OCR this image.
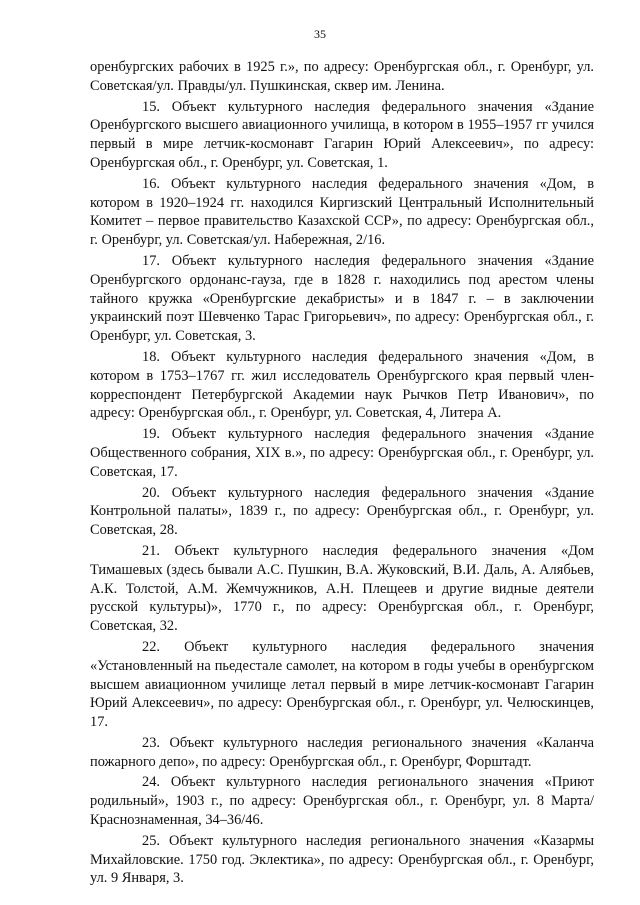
35

оренбургских рабочих в 1925 г.», по адресу: Оренбургская обл., г. Оренбург, ул. Советская/ул. Правды/ул. Пушкинская, сквер им. Ленина.

15. Объект культурного наследия федерального значения «Здание Оренбургского высшего авиационного училища, в котором в 1955–1957 гг учился первый в мире летчик-космонавт Гагарин Юрий Алексеевич», по адресу: Оренбургская обл., г. Оренбург, ул. Советская, 1.

16. Объект культурного наследия федерального значения «Дом, в котором в 1920–1924 гг. находился Киргизский Центральный Исполнительный Комитет – первое правительство Казахской ССР», по адресу: Оренбургская обл., г. Оренбург, ул. Советская/ул. Набережная, 2/16.

17. Объект культурного наследия федерального значения «Здание Оренбургского ордонанс-гауза, где в 1828 г. находились под арестом члены тайного кружка «Оренбургские декабристы» и в 1847 г. – в заключении украинский поэт Шевченко Тарас Григорьевич», по адресу: Оренбургская обл., г. Оренбург, ул. Советская, 3.

18. Объект культурного наследия федерального значения «Дом, в котором в 1753–1767 гг. жил исследователь Оренбургского края первый член-корреспондент Петербургской Академии наук Рычков Петр Иванович», по адресу: Оренбургская обл., г. Оренбург, ул. Советская, 4, Литера А.

19. Объект культурного наследия федерального значения «Здание Общественного собрания, XIX в.», по адресу: Оренбургская обл., г. Оренбург, ул. Советская, 17.

20. Объект культурного наследия федерального значения «Здание Контрольной палаты», 1839 г., по адресу: Оренбургская обл., г. Оренбург, ул. Советская, 28.

21. Объект культурного наследия федерального значения «Дом Тимашевых (здесь бывали А.С. Пушкин, В.А. Жуковский, В.И. Даль, А. Алябьев, А.К. Толстой, А.М. Жемчужников, А.Н. Плещеев и другие видные деятели русской культуры)», 1770 г., по адресу: Оренбургская обл., г. Оренбург, Советская, 32.

22. Объект культурного наследия федерального значения «Установленный на пьедестале самолет, на котором в годы учебы в оренбургском высшем авиационном училище летал первый в мире летчик-космонавт Гагарин Юрий Алексеевич», по адресу: Оренбургская обл., г. Оренбург, ул. Челюскинцев, 17.

23. Объект культурного наследия регионального значения «Каланча пожарного депо», по адресу: Оренбургская обл., г. Оренбург, Форштадт.

24. Объект культурного наследия регионального значения «Приют родильный», 1903 г., по адресу: Оренбургская обл., г. Оренбург, ул. 8 Марта/Краснознаменная, 34–36/46.

25. Объект культурного наследия регионального значения «Казармы Михайловские. 1750 год. Эклектика», по адресу: Оренбургская обл., г. Оренбург, ул. 9 Января, 3.
